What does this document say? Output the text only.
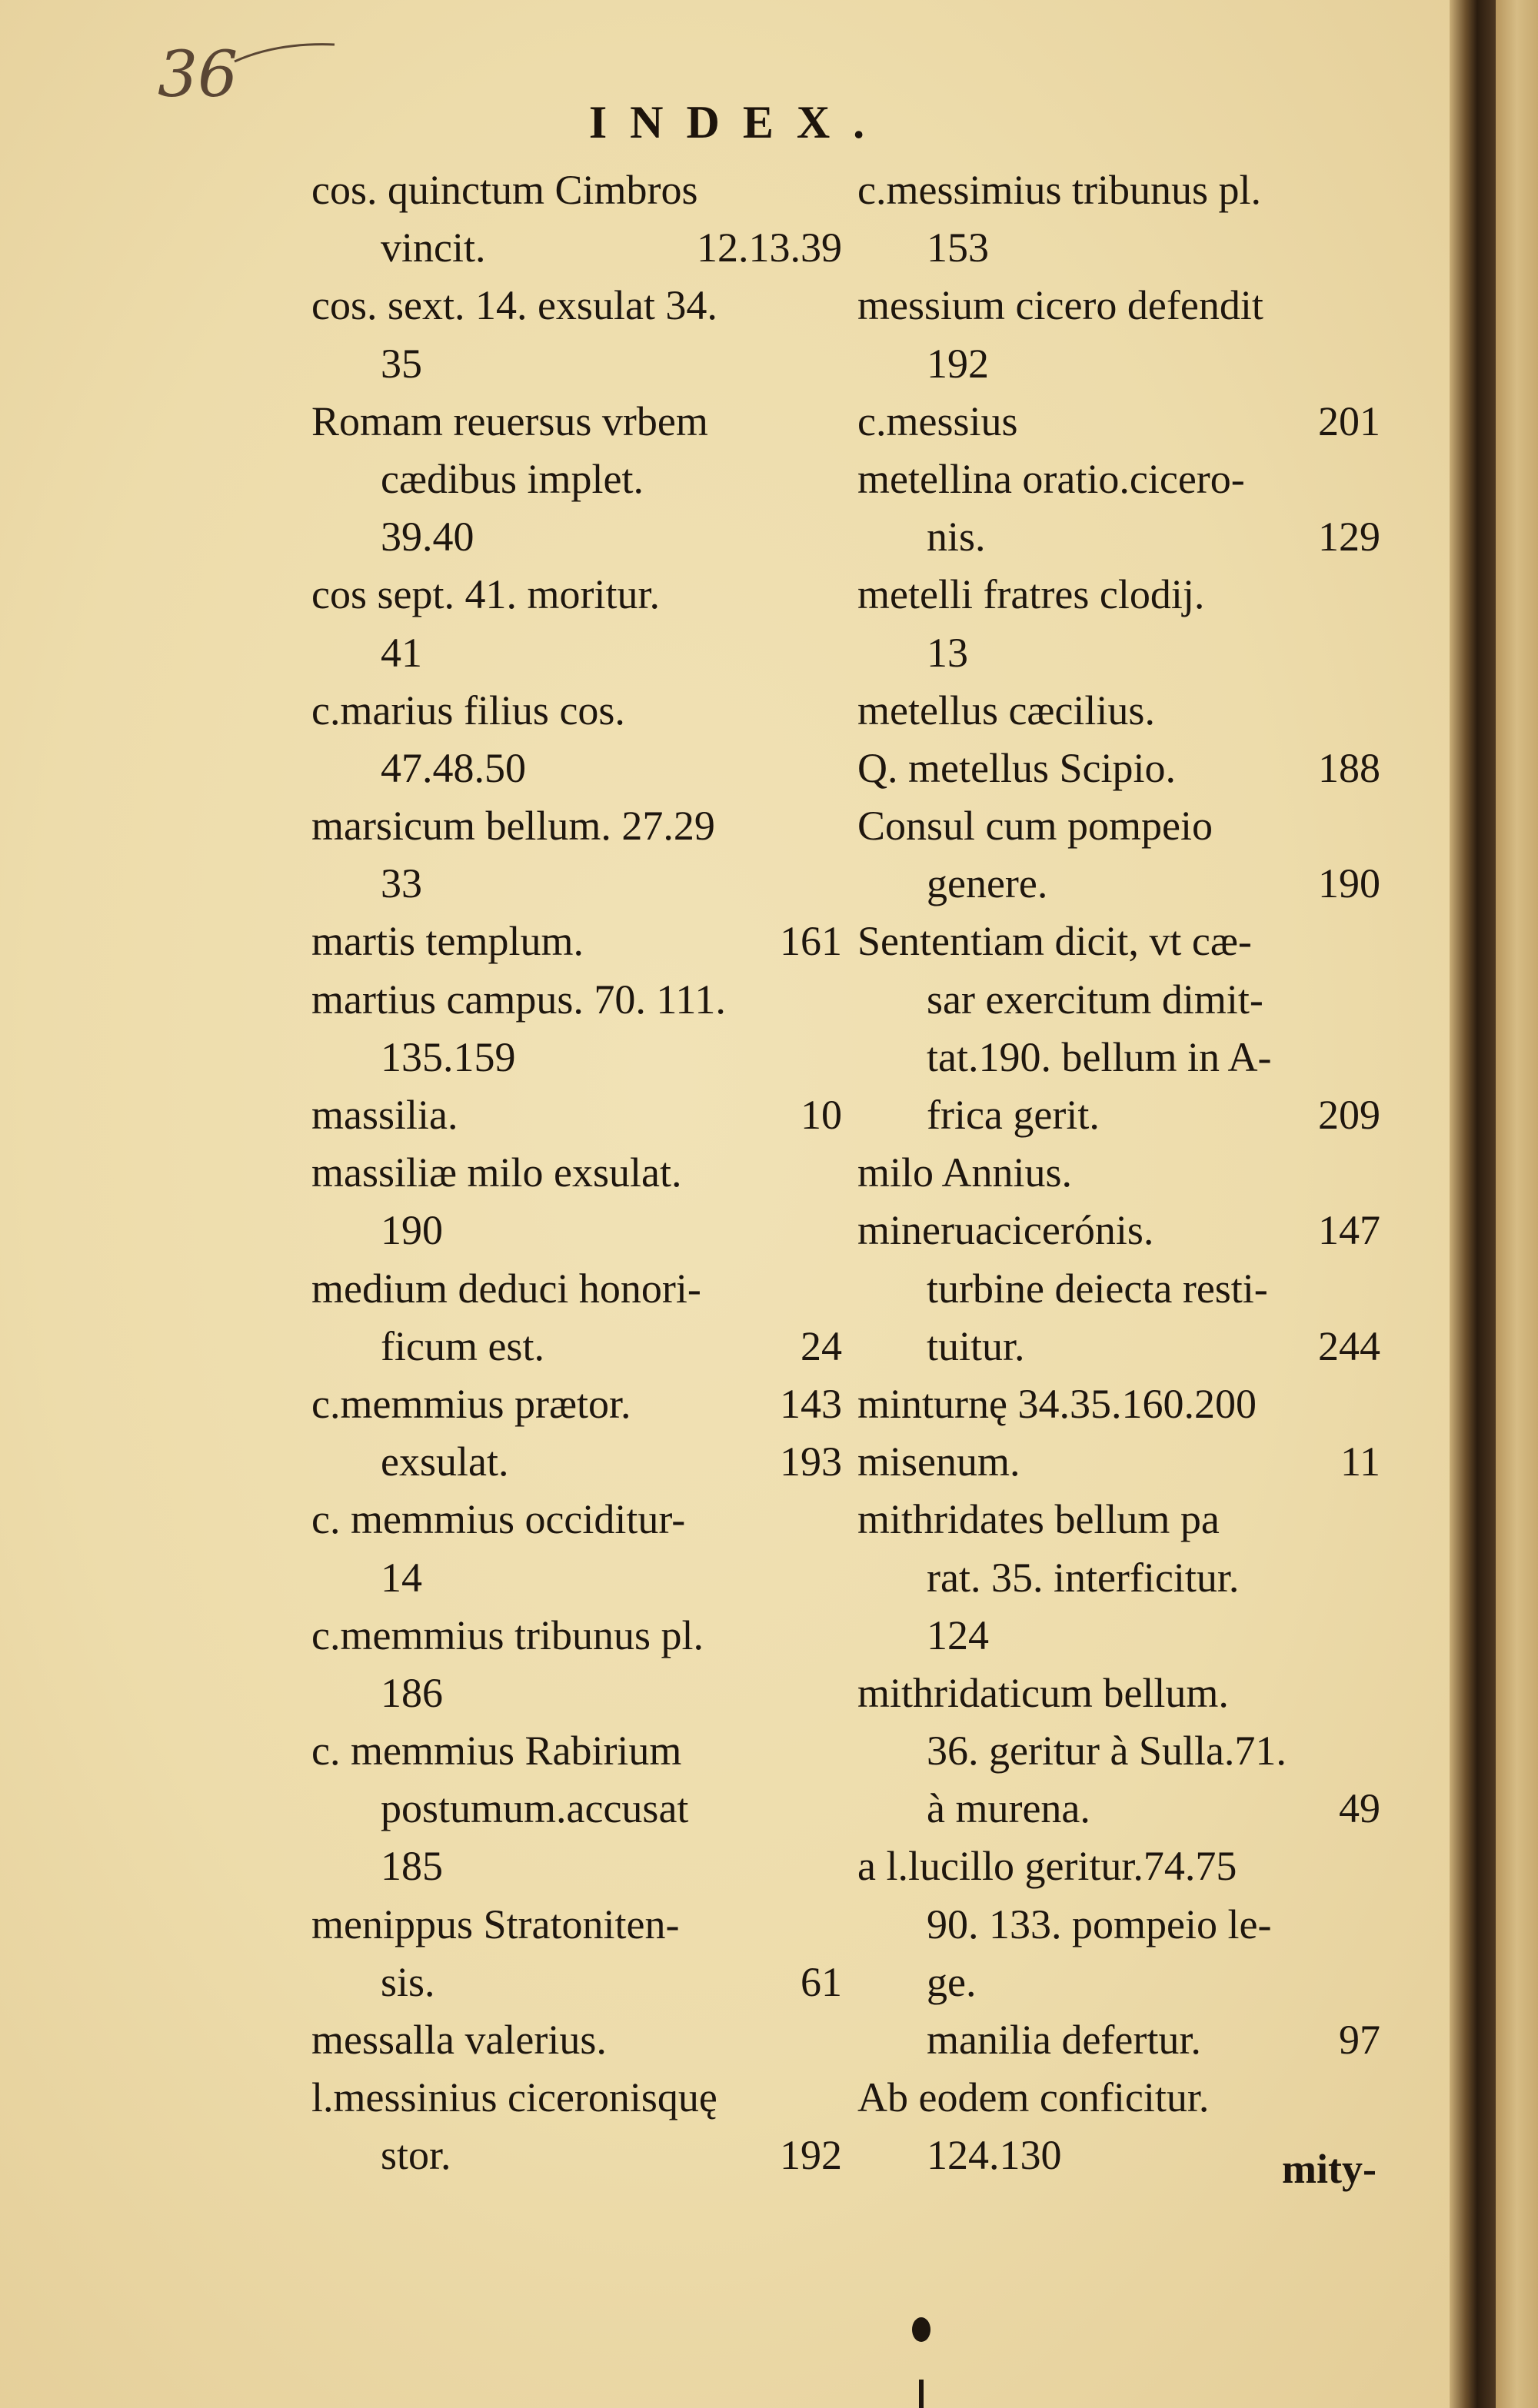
36
INDEX.
cos. quinctum Cimbros
vincit.	12.13.39
cos. sext. 14. exsulat 34.
35
Romam reuersus vrbem
cædibus implet.
39.40
cos sept. 41. moritur.
41
c.marius filius cos.
47.48.50
marsicum bellum. 27.29
33
martis templum.	161
martius campus. 70. 111.
135.159
massilia.	10
massiliæ milo exsulat.
190
medium deduci honori-
ficum est.	24
c.memmius prætor.	143
exsulat.	193
c. memmius occiditur-
14
c.memmius tribunus pl.
186
c. memmius Rabirium
postumum.accusat
185
menippus Stratoniten-
sis.	61
messalla valerius.
l.messinius ciceronisquę
stor.	192
c.messimius tribunus pl.
153
messium cicero defendit
192
c.messius	201
metellina oratio.cicero-
nis.	129
metelli fratres clodij.
13
metellus cæcilius.
Q. metellus Scipio.	188
Consul cum pompeio
genere.	190
Sententiam dicit, vt cæ-
sar exercitum dimit-
tat.190. bellum in A-
frica gerit.	209
milo Annius.
mineruacicerónis.	147
turbine deiecta resti-
tuitur.	244
minturnę 34.35.160.200
misenum.	11
mithridates bellum pa
rat. 35. interficitur.
124
mithridaticum bellum.
36. geritur à Sulla.71.
à murena.	49
a l.lucillo geritur.74.75
90. 133. pompeio le-
ge.
manilia defertur.	97
Ab eodem conficitur.
124.130	mity-
